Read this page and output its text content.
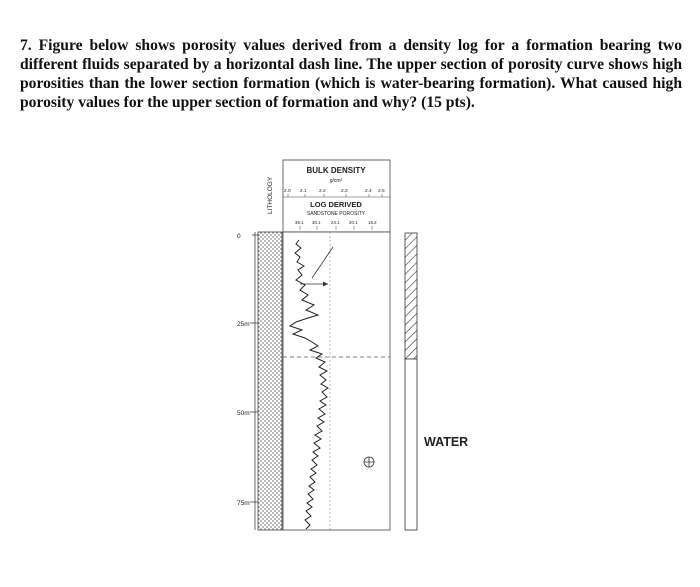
7. Figure below shows porosity values derived from a density log for a formation bearing two different fluids separated by a horizontal dash line. The upper section of porosity curve shows high porosities than the lower section formation (which is water-bearing formation). What caused high porosity values for the upper section of formation and why? (15 pts).
LITHOLOGY
0
25m
50m
75m
BULK DENSITY
g/cm³
2.0 2.1	2.2	2.3	2.4 2.5
LOG DERIVED
SANDSTONE POROSITY
39.1 30.1 24.1 20.1 16.2
WATER
